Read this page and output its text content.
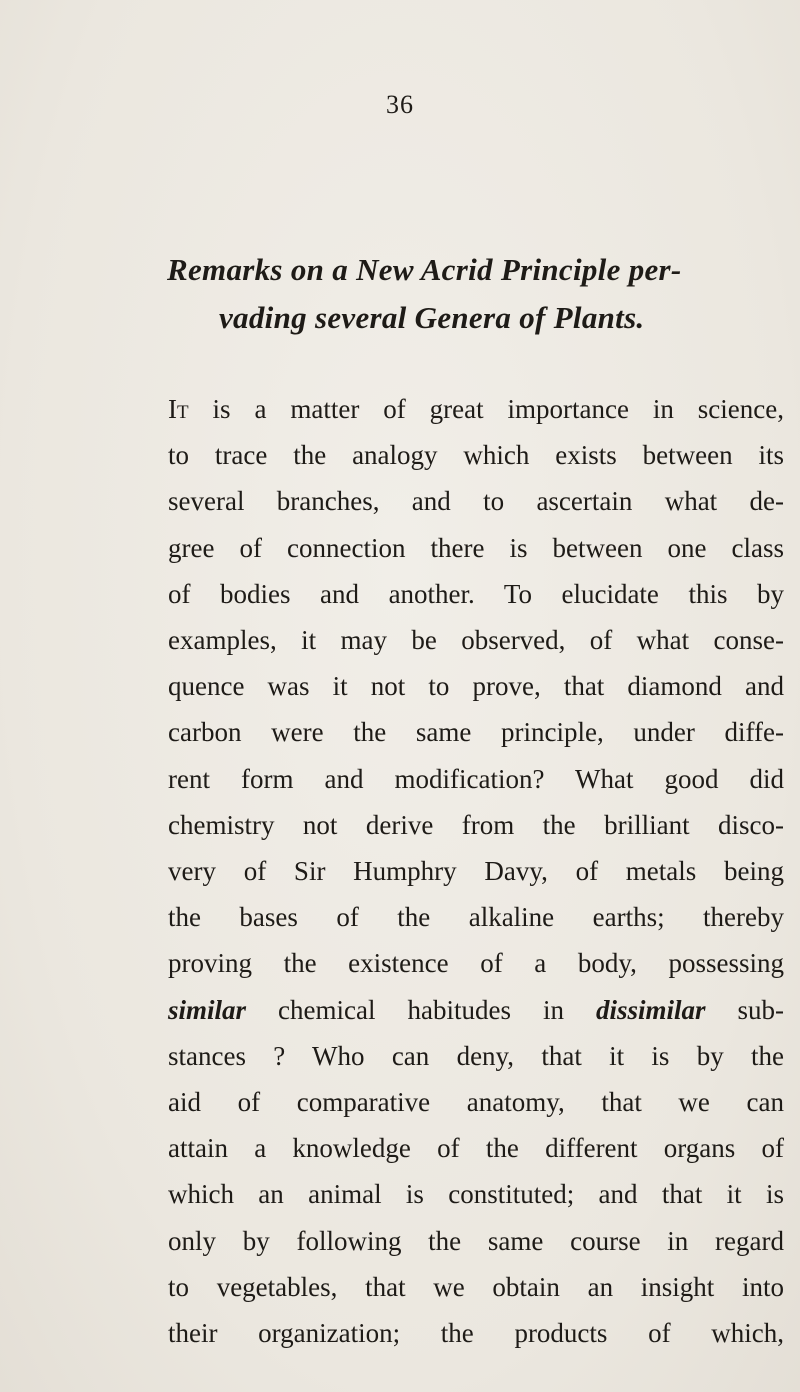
36
Remarks on a New Acrid Principle per-
vading several Genera of Plants.
It is a matter of great importance in science,
to trace the analogy which exists between its
several branches, and to ascertain what de-
gree of connection there is between one class
of bodies and another. To elucidate this by
examples, it may be observed, of what conse-
quence was it not to prove, that diamond and
carbon were the same principle, under diffe-
rent form and modification? What good did
chemistry not derive from the brilliant disco-
very of Sir Humphry Davy, of metals being
the bases of the alkaline earths; thereby
proving the existence of a body, possessing
similar chemical habitudes in dissimilar sub-
stances ? Who can deny, that it is by the
aid of comparative anatomy, that we can
attain a knowledge of the different organs of
which an animal is constituted; and that it is
only by following the same course in regard
to vegetables, that we obtain an insight into
their organization; the products of which,
